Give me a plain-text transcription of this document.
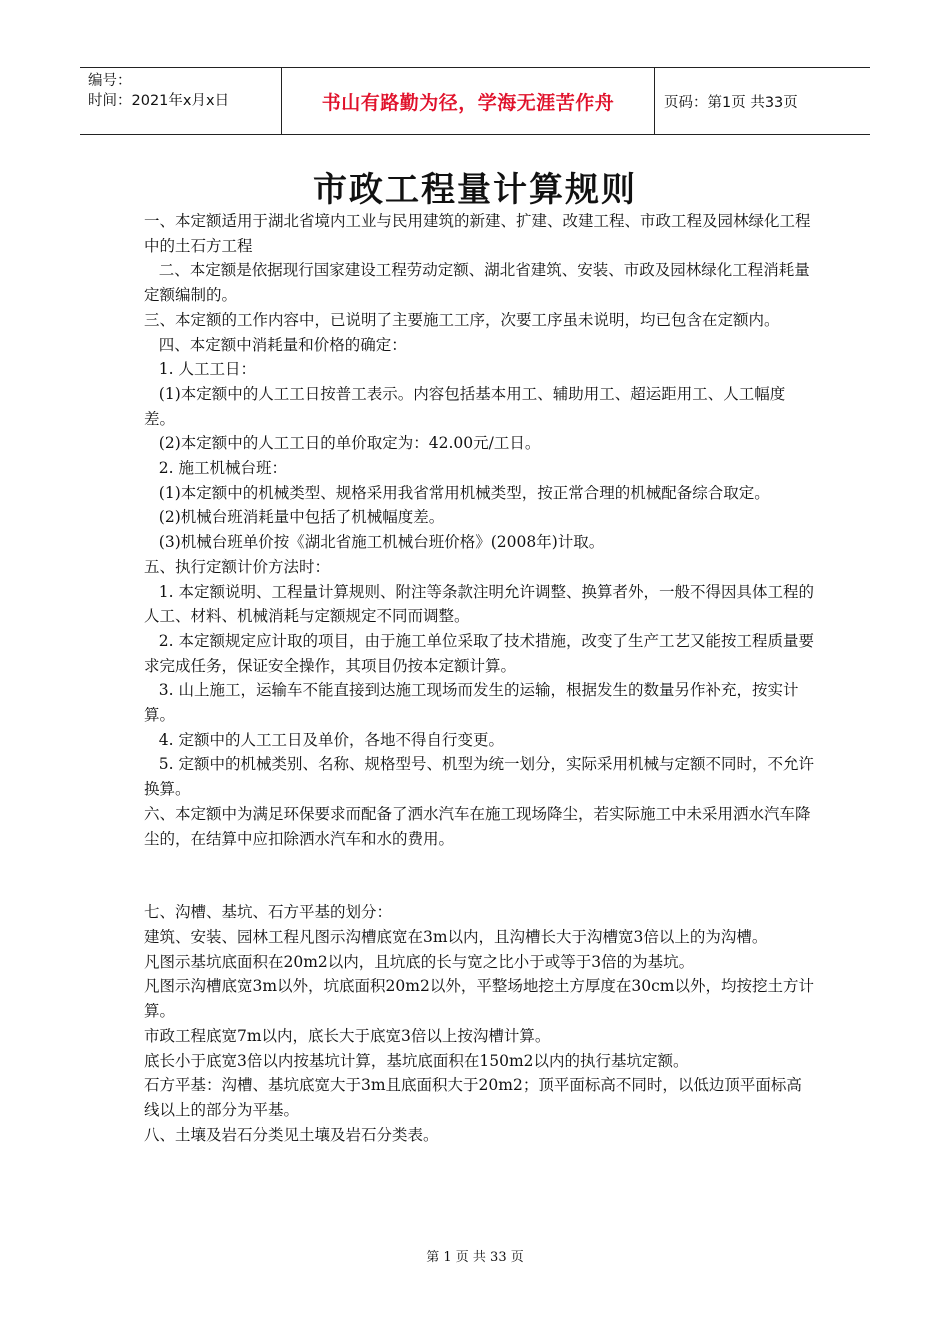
编号：
时间：2021年x月x日	书山有路勤为径，学海无涯苦作舟	页码：第1页 共33页
市政工程量计算规则

一、本定额适用于湖北省境内工业与民用建筑的新建、扩建、改建工程、市政工程及园林绿化工程中的土石方工程

二、本定额是依据现行国家建设工程劳动定额、湖北省建筑、安装、市政及园林绿化工程消耗量定额编制的。

三、本定额的工作内容中，已说明了主要施工工序，次要工序虽未说明，均已包含在定额内。

四、本定额中消耗量和价格的确定：

1. 人工工日：

(1)本定额中的人工工日按普工表示。内容包括基本用工、辅助用工、超运距用工、人工幅度差。

(2)本定额中的人工工日的单价取定为：42.00元/工日。

2. 施工机械台班：

(1)本定额中的机械类型、规格采用我省常用机械类型，按正常合理的机械配备综合取定。

(2)机械台班消耗量中包括了机械幅度差。

(3)机械台班单价按《湖北省施工机械台班价格》(2008年)计取。

五、执行定额计价方法时：

1. 本定额说明、工程量计算规则、附注等条款注明允许调整、换算者外，一般不得因具体工程的人工、材料、机械消耗与定额规定不同而调整。

2. 本定额规定应计取的项目，由于施工单位采取了技术措施，改变了生产工艺又能按工程质量要求完成任务，保证安全操作，其项目仍按本定额计算。

3. 山上施工，运输车不能直接到达施工现场而发生的运输，根据发生的数量另作补充，按实计算。

4. 定额中的人工工日及单价，各地不得自行变更。

5. 定额中的机械类别、名称、规格型号、机型为统一划分，实际采用机械与定额不同时，不允许换算。

六、本定额中为满足环保要求而配备了洒水汽车在施工现场降尘，若实际施工中未采用洒水汽车降尘的，在结算中应扣除洒水汽车和水的费用。

七、沟槽、基坑、石方平基的划分：

建筑、安装、园林工程凡图示沟槽底宽在3m以内，且沟槽长大于沟槽宽3倍以上的为沟槽。

凡图示基坑底面积在20m2以内，且坑底的长与宽之比小于或等于3倍的为基坑。

凡图示沟槽底宽3m以外，坑底面积20m2以外，平整场地挖土方厚度在30cm以外，均按挖土方计算。

市政工程底宽7m以内，底长大于底宽3倍以上按沟槽计算。

底长小于底宽3倍以内按基坑计算，基坑底面积在150m2以内的执行基坑定额。

石方平基：沟槽、基坑底宽大于3m且底面积大于20m2；顶平面标高不同时，以低边顶平面标高线以上的部分为平基。

八、土壤及岩石分类见土壤及岩石分类表。

第 1 页 共 33 页
